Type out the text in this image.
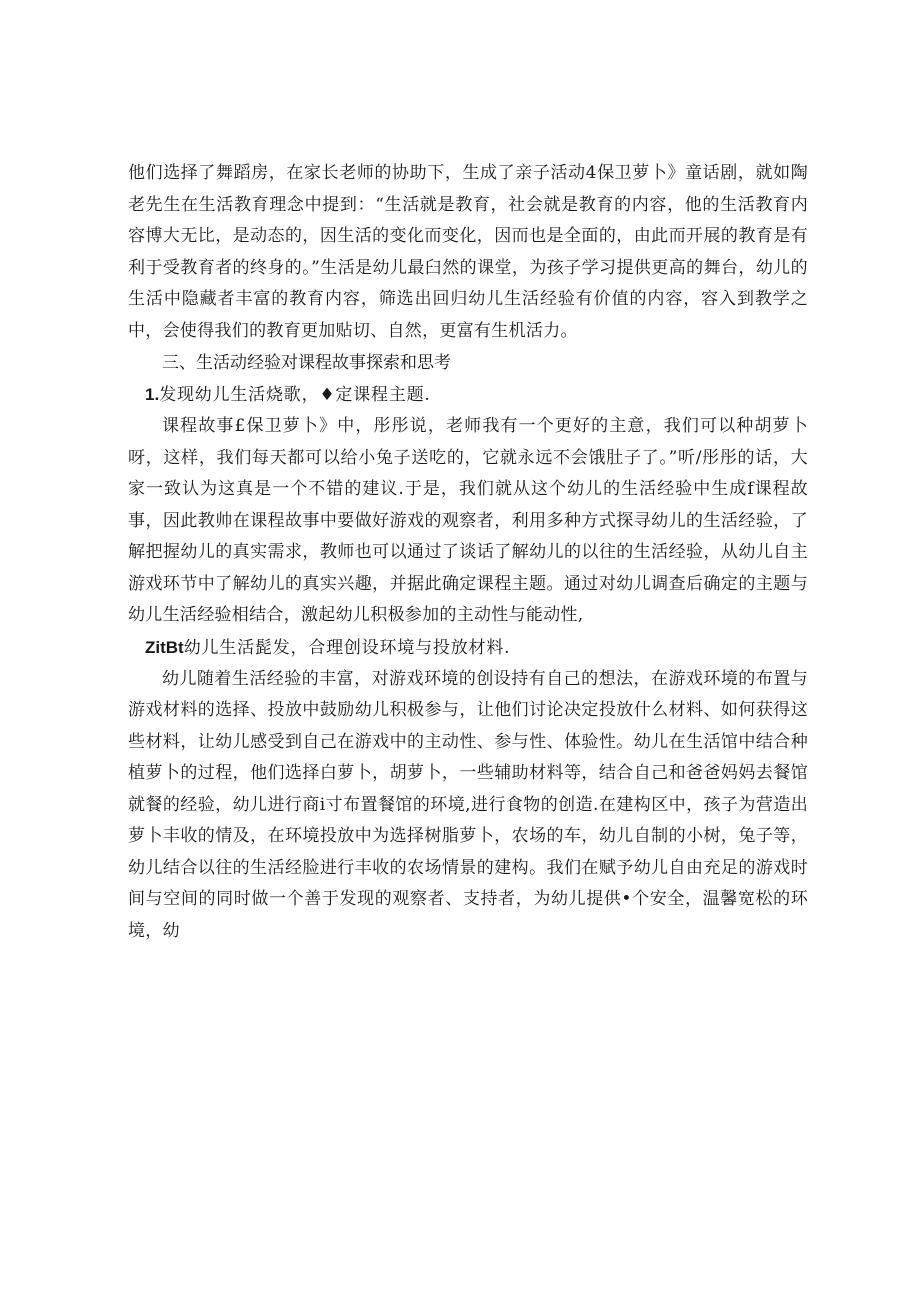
他们选择了舞蹈房，在家长老师的协助下，生成了亲子活动4保卫萝卜》童话剧，就如陶老先生在生活教育理念中提到：“生活就是教育，社会就是教育的内容，他的生活教育内容博大无比，是动态的，因生活的变化而变化，因而也是全面的，由此而开展的教育是有利于受教育者的终身的。”生活是幼儿最臼然的课堂，为孩子学习提供更高的舞台，幼儿的生活中隐藏者丰富的教育内容，筛选出回归幼儿生活经验有价值的内容，容入到教学之中，会使得我们的教育更加贴切、自然，更富有生机活力。

三、生活动经验对课程故事探索和思考

1.发现幼儿生活烧歌，♦定课程主题.

课程故事£保卫萝卜》中，彤彤说，老师我有一个更好的主意，我们可以种胡萝卜呀，这样，我们每天都可以给小兔子送吃的，它就永远不会饿肚子了。”听/彤彤的话，大家一致认为这真是一个不错的建议.于是，我们就从这个幼儿的生活经验中生成f课程故事，因此教帅在课程故事中要做好游戏的观察者，利用多种方式探寻幼儿的生活经验，了解把握幼儿的真实需求，教师也可以通过了谈话了解幼儿的以往的生活经验，从幼儿自主游戏环节中了解幼儿的真实兴趣，并据此确定课程主题。通过对幼儿调查后确定的主题与幼儿生活经验相结合，激起幼儿积极参加的主动性与能动性,

ZitBt幼儿生活髭发，合理创设环境与投放材料.

幼儿随着生活经验的丰富，对游戏环境的创设持有自己的想法，在游戏环境的布置与游戏材料的选择、投放中鼓励幼儿积极参与，让他们讨论决定投放什么材料、如何获得这些材料，让幼儿感受到自己在游戏中的主动性、参与性、体验性。幼儿在生活馆中结合种植萝卜的过程，他们选择白萝卜，胡萝卜，一些辅助材料等，结合自己和爸爸妈妈去餐馆就餐的经验，幼儿进行商i寸布置餐馆的环境,进行食物的创造.在建构区中，孩子为营造出萝卜丰收的情及，在环境投放中为选择树脂萝卜，农场的车，幼儿自制的小树，兔子等，幼儿结合以往的生活经脸进行丰收的农场情景的建构。我们在赋予幼儿自由充足的游戏时间与空间的同时做一个善于发现的观察者、支持者，为幼儿提供•个安全，温馨宽松的环境，幼
